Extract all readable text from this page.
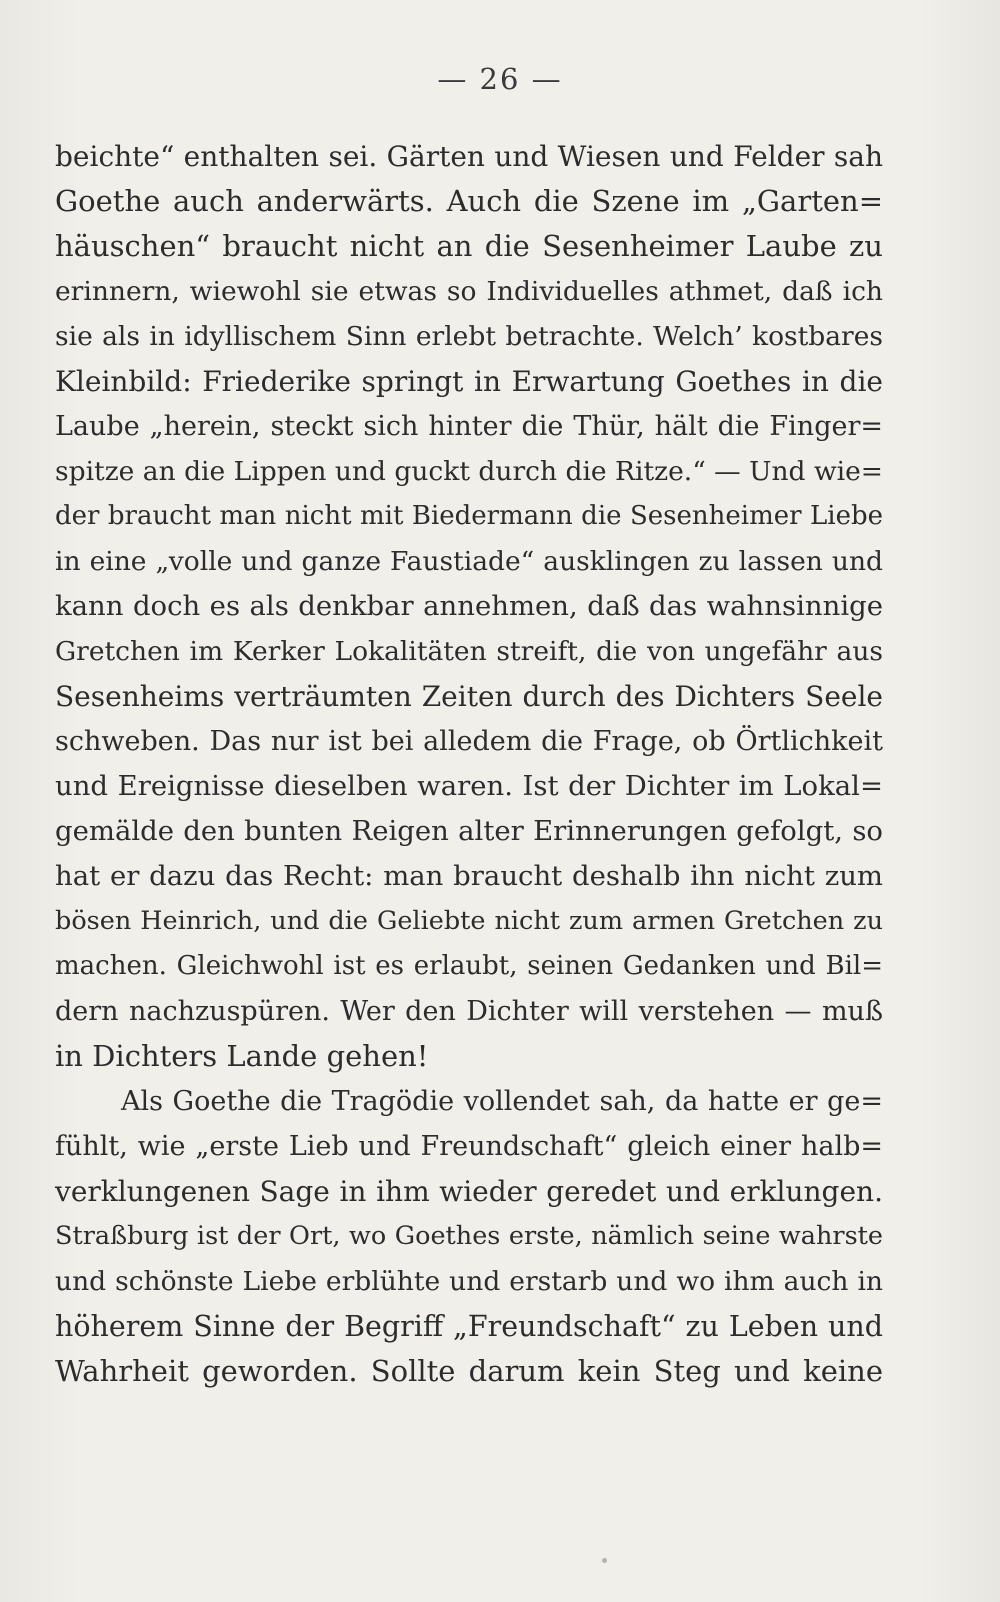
— 26 —
beichte“ enthalten sei. Gärten und Wiesen und Felder sah
Goethe auch anderwärts. Auch die Szene im „Garten=
häuschen“ braucht nicht an die Sesenheimer Laube zu
erinnern, wiewohl sie etwas so Individuelles athmet, daß ich
sie als in idyllischem Sinn erlebt betrachte. Welch’ kostbares
Kleinbild: Friederike springt in Erwartung Goethes in die
Laube „herein, steckt sich hinter die Thür, hält die Finger=
spitze an die Lippen und guckt durch die Ritze.“ — Und wie=
der braucht man nicht mit Biedermann die Sesenheimer Liebe
in eine „volle und ganze Faustiade“ ausklingen zu lassen und
kann doch es als denkbar annehmen, daß das wahnsinnige
Gretchen im Kerker Lokalitäten streift, die von ungefähr aus
Sesenheims verträumten Zeiten durch des Dichters Seele
schweben. Das nur ist bei alledem die Frage, ob Örtlichkeit
und Ereignisse dieselben waren. Ist der Dichter im Lokal=
gemälde den bunten Reigen alter Erinnerungen gefolgt, so
hat er dazu das Recht: man braucht deshalb ihn nicht zum
bösen Heinrich, und die Geliebte nicht zum armen Gretchen zu
machen. Gleichwohl ist es erlaubt, seinen Gedanken und Bil=
dern nachzuspüren. Wer den Dichter will verstehen — muß
in Dichters Lande gehen!
Als Goethe die Tragödie vollendet sah, da hatte er ge=
fühlt, wie „erste Lieb und Freundschaft“ gleich einer halb=
verklungenen Sage in ihm wieder geredet und erklungen.
Straßburg ist der Ort, wo Goethes erste, nämlich seine wahrste
und schönste Liebe erblühte und erstarb und wo ihm auch in
höherem Sinne der Begriff „Freundschaft“ zu Leben und
Wahrheit geworden. Sollte darum kein Steg und keine
